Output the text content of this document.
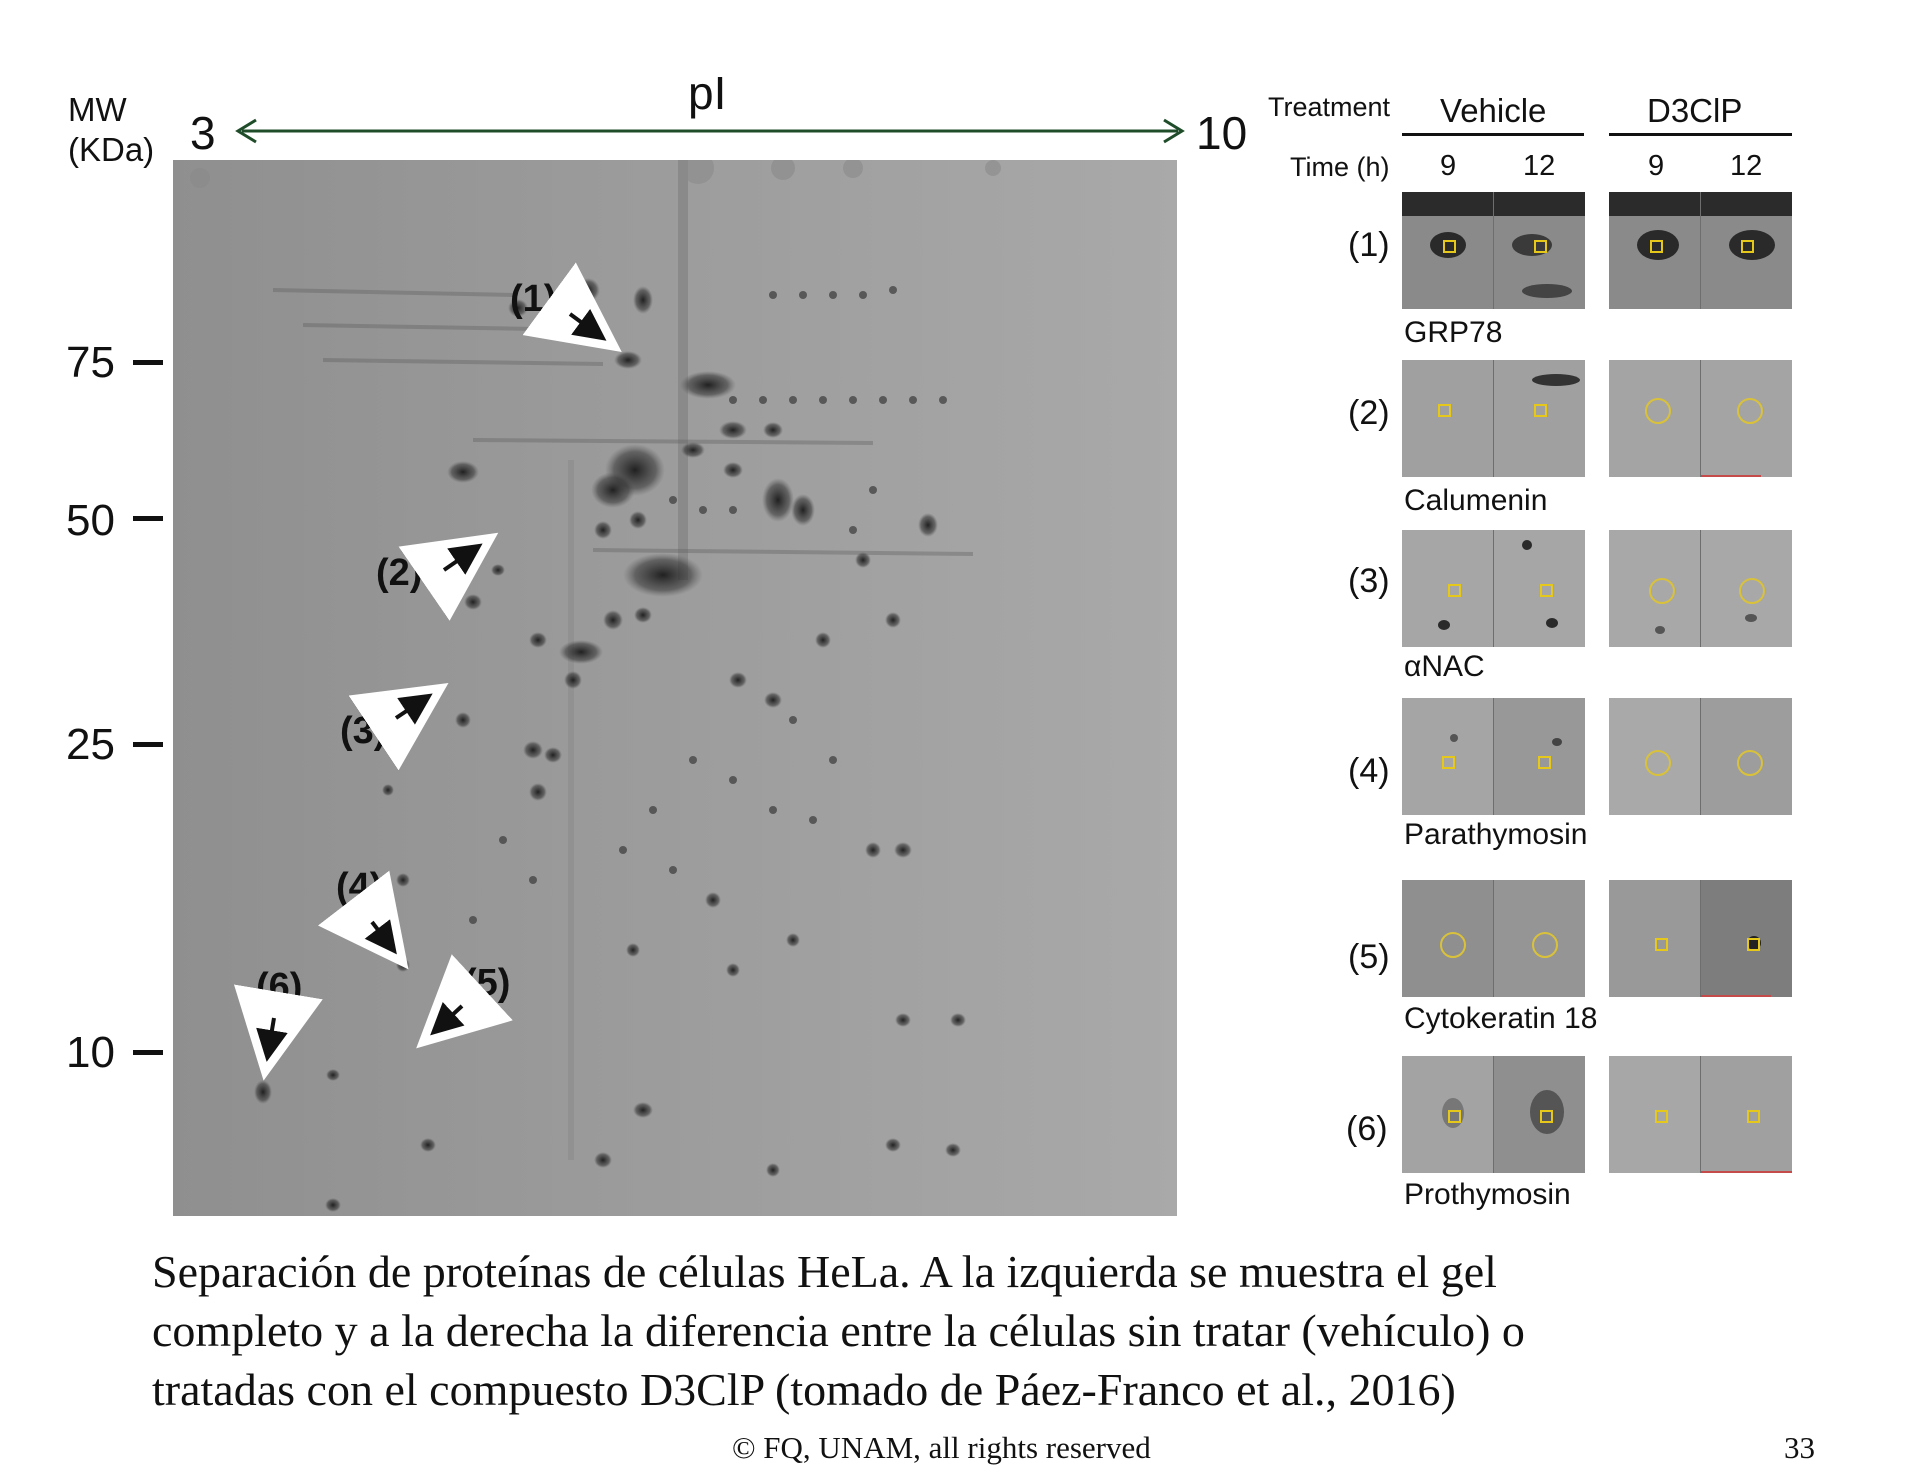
MW
(KDa)
pI
3	10
75
50
25
10
(1)
(2)
(3)
(4)
(5)
(6)
Treatment Vehicle	D3ClP
Time (h) 9 12	9 12
(1)
GRP78
(2)
Calumenin
(3)
αNAC
(4)
Parathymosin
(5)
Cytokeratin 18
(6)
Prothymosin
Separación de proteínas de células HeLa. A la izquierda se muestra el gel
completo y a la derecha la diferencia entre la células sin tratar (vehículo) o
tratadas con el compuesto D3ClP (tomado de Páez-Franco et al., 2016)
© FQ, UNAM, all rights reserved	33
